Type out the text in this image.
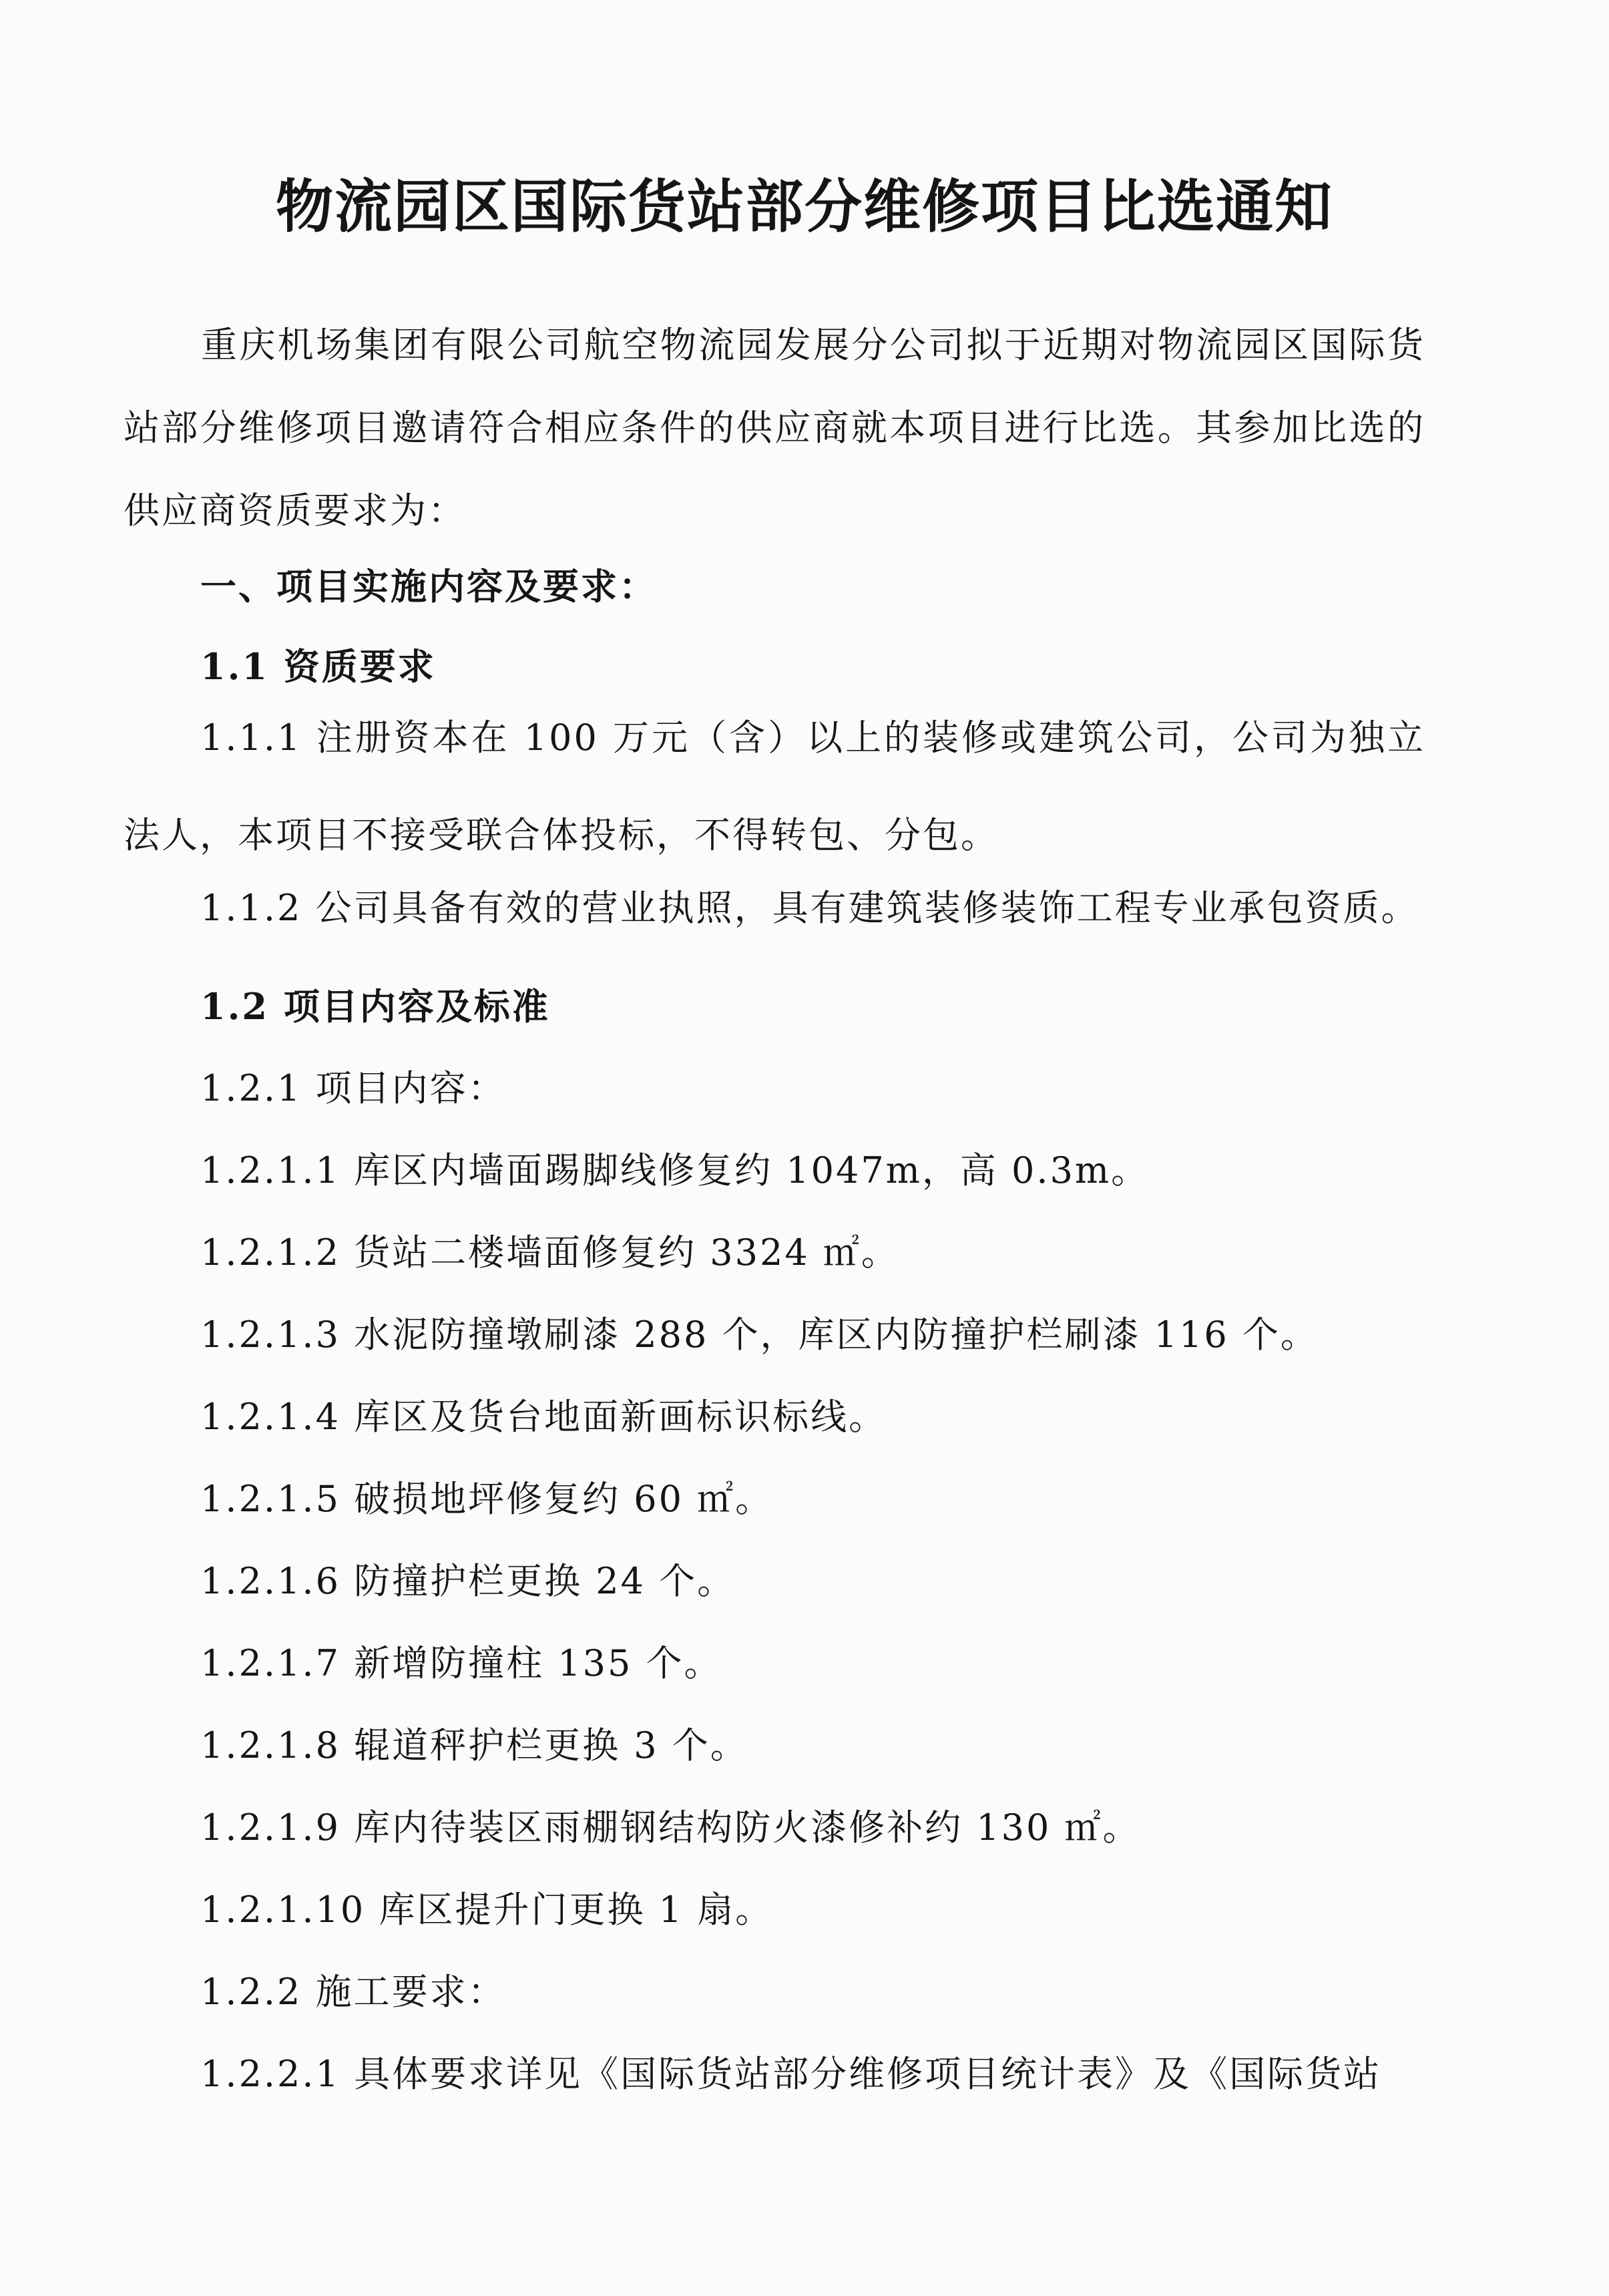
物流园区国际货站部分维修项目比选通知
重庆机场集团有限公司航空物流园发展分公司拟于近期对物流园区国际货站部分维修项目邀请符合相应条件的供应商就本项目进行比选。其参加比选的供应商资质要求为：
一、项目实施内容及要求：
1.1 资质要求
1.1.1 注册资本在 100 万元（含）以上的装修或建筑公司，公司为独立法人，本项目不接受联合体投标，不得转包、分包。
1.1.2 公司具备有效的营业执照，具有建筑装修装饰工程专业承包资质。
1.2 项目内容及标准
1.2.1 项目内容：
1.2.1.1 库区内墙面踢脚线修复约 1047m，高 0.3m。
1.2.1.2 货站二楼墙面修复约 3324 ㎡。
1.2.1.3 水泥防撞墩刷漆 288 个，库区内防撞护栏刷漆 116 个。
1.2.1.4 库区及货台地面新画标识标线。
1.2.1.5 破损地坪修复约 60 ㎡。
1.2.1.6 防撞护栏更换 24 个。
1.2.1.7 新增防撞柱 135 个。
1.2.1.8 辊道秤护栏更换 3 个。
1.2.1.9 库内待装区雨棚钢结构防火漆修补约 130 ㎡。
1.2.1.10 库区提升门更换 1 扇。
1.2.2 施工要求：
1.2.2.1 具体要求详见《国际货站部分维修项目统计表》及《国际货站
